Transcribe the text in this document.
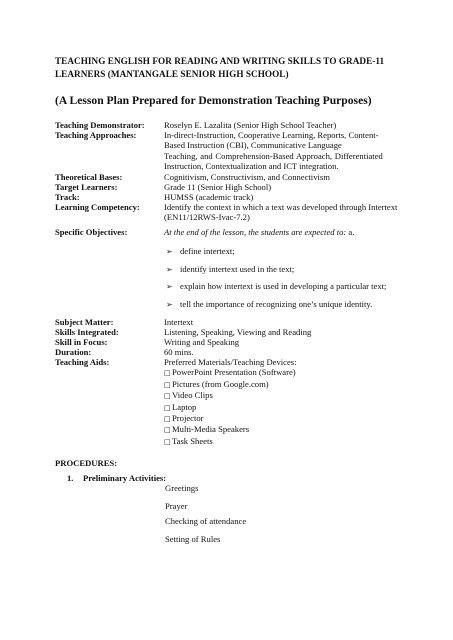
TEACHING ENGLISH FOR READING AND WRITING SKILLS TO GRADE-11 LEARNERS (MANTANGALE SENIOR HIGH SCHOOL)
(A Lesson Plan Prepared for Demonstration Teaching Purposes)
Teaching Demonstrator:	Roselyn E. Lazalita (Senior High School Teacher)
Teaching Approaches:	In-direct-Instruction, Cooperative Learning, Reports, Content-
Based Instruction (CBI), Communicative Language
Teaching, and Comprehension-Based Approach, Differentiated
Instruction, Contextualization and ICT integration.
Theoretical Bases:	Cognitivism, Constructivism, and Connectivism
Target Learners:	Grade 11 (Senior High School)
Track:	HUMSS (academic track)
Learning Competency:	Identify the context in which a text was developed through Intertext
(EN11/12RWS-Ivac-7.2)
Specific Objectives:	At the end of the lesson, the students are expected to: a.
➢ define intertext;
➢ identify intertext used in the text;
➢ explain how intertext is used in developing a particular text;
➢ tell the importance of recognizing one’s unique identity.
Subject Matter:	Intertext
Skills Integrated:	Listening, Speaking, Viewing and Reading
Skill in Focus:	Writing and Speaking
Duration:	60 mins.
Teaching Aids:	Preferred Materials/Teaching Devices:
□PowerPoint Presentation (Software)
□Pictures (from Google.com)
□Video Clips
□Laptop
□Projector
□Multi-Media Speakers
□Task Sheets
PROCEDURES:
1. Preliminary Activities:
Greetings
Prayer
Checking of attendance
Setting of Rules
